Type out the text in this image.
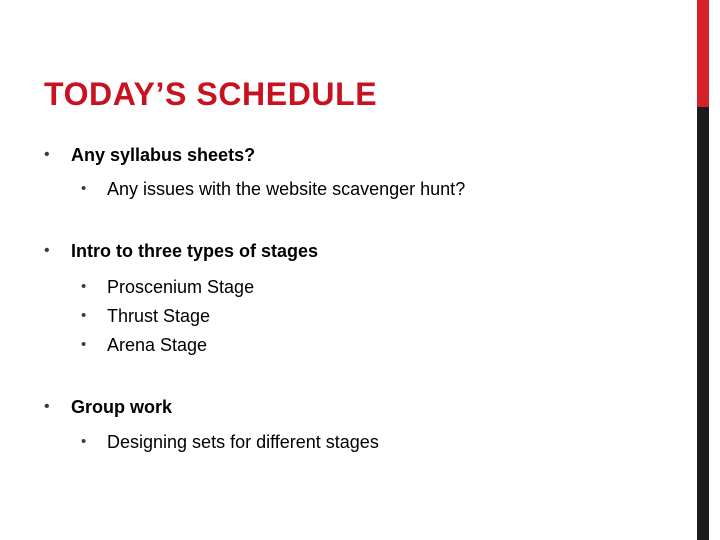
TODAY’S SCHEDULE
• Any syllabus sheets?
• Any issues with the website scavenger hunt?
• Intro to three types of stages
• Proscenium Stage
• Thrust Stage
• Arena Stage
• Group work
• Designing sets for different stages
